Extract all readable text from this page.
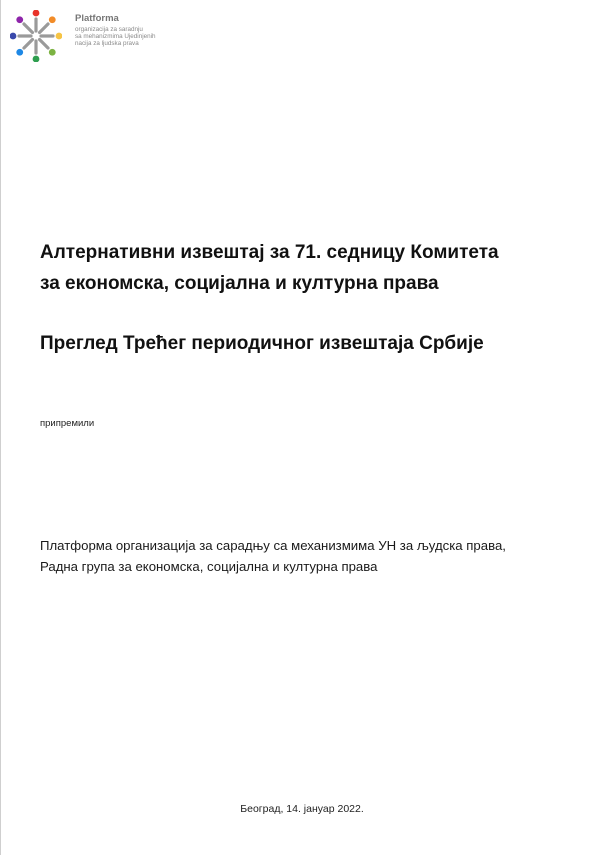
Platforma
organizacija za saradnju
sa mehanizmima Ujedinjenih
nacija za ljudska prava
Алтернативни извештај за 71. седницу Комитета
за економска, социјална и културна права
Преглед Трећег периодичног извештаја Србије
припремили
Платформа организација за сарадњу са механизмима УН за људска права,
Радна група за економска, социјална и културна права
Београд, 14. јануар 2022.
